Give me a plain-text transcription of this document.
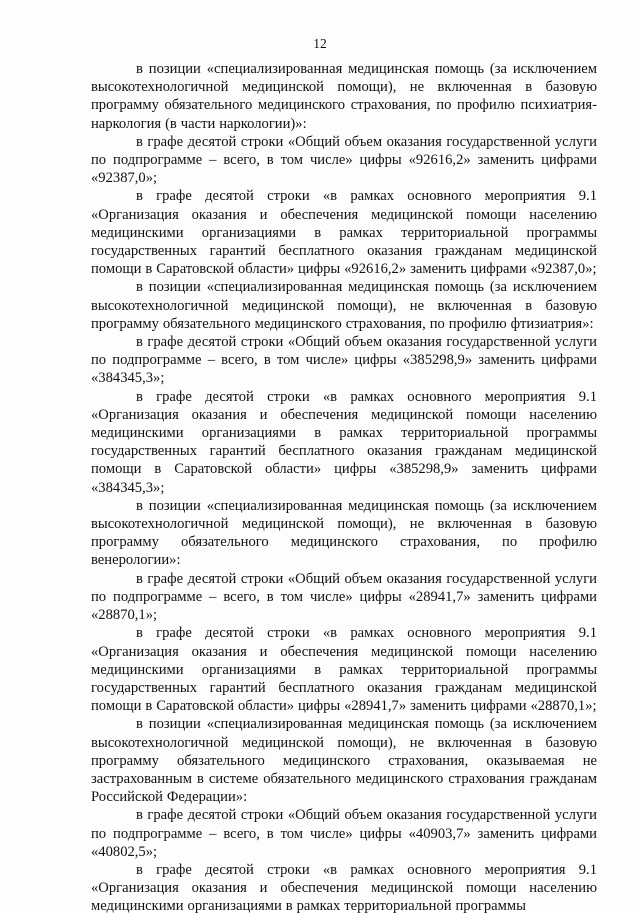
12

в позиции «специализированная медицинская помощь (за исключением высокотехнологичной медицинской помощи), не включенная в базовую программу обязательного медицинского страхования, по профилю психиатрия-наркология (в части наркологии)»:

в графе десятой строки «Общий объем оказания государственной услуги по подпрограмме – всего, в том числе» цифры «92616,2» заменить цифрами «92387,0»;

в графе десятой строки «в рамках основного мероприятия 9.1 «Организация оказания и обеспечения медицинской помощи населению медицинскими организациями в рамках территориальной программы государственных гарантий бесплатного оказания гражданам медицинской помощи в Саратовской области» цифры «92616,2» заменить цифрами «92387,0»;

в позиции «специализированная медицинская помощь (за исключением высокотехнологичной медицинской помощи), не включенная в базовую программу обязательного медицинского страхования, по профилю фтизиатрия»:

в графе десятой строки «Общий объем оказания государственной услуги по подпрограмме – всего, в том числе» цифры «385298,9» заменить цифрами «384345,3»;

в графе десятой строки «в рамках основного мероприятия 9.1 «Организация оказания и обеспечения медицинской помощи населению медицинскими организациями в рамках территориальной программы государственных гарантий бесплатного оказания гражданам медицинской помощи в Саратовской области» цифры «385298,9» заменить цифрами «384345,3»;

в позиции «специализированная медицинская помощь (за исключением высокотехнологичной медицинской помощи), не включенная в базовую программу обязательного медицинского страхования, по профилю венерологии»:

в графе десятой строки «Общий объем оказания государственной услуги по подпрограмме – всего, в том числе» цифры «28941,7» заменить цифрами «28870,1»;

в графе десятой строки «в рамках основного мероприятия 9.1 «Организация оказания и обеспечения медицинской помощи населению медицинскими организациями в рамках территориальной программы государственных гарантий бесплатного оказания гражданам медицинской помощи в Саратовской области» цифры «28941,7» заменить цифрами «28870,1»;

в позиции «специализированная медицинская помощь (за исключением высокотехнологичной медицинской помощи), не включенная в базовую программу обязательного медицинского страхования, оказываемая не застрахованным в системе обязательного медицинского страхования гражданам Российской Федерации»:

в графе десятой строки «Общий объем оказания государственной услуги по подпрограмме – всего, в том числе» цифры «40903,7» заменить цифрами «40802,5»;

в графе десятой строки «в рамках основного мероприятия 9.1 «Организация оказания и обеспечения медицинской помощи населению медицинскими организациями в рамках территориальной программы
